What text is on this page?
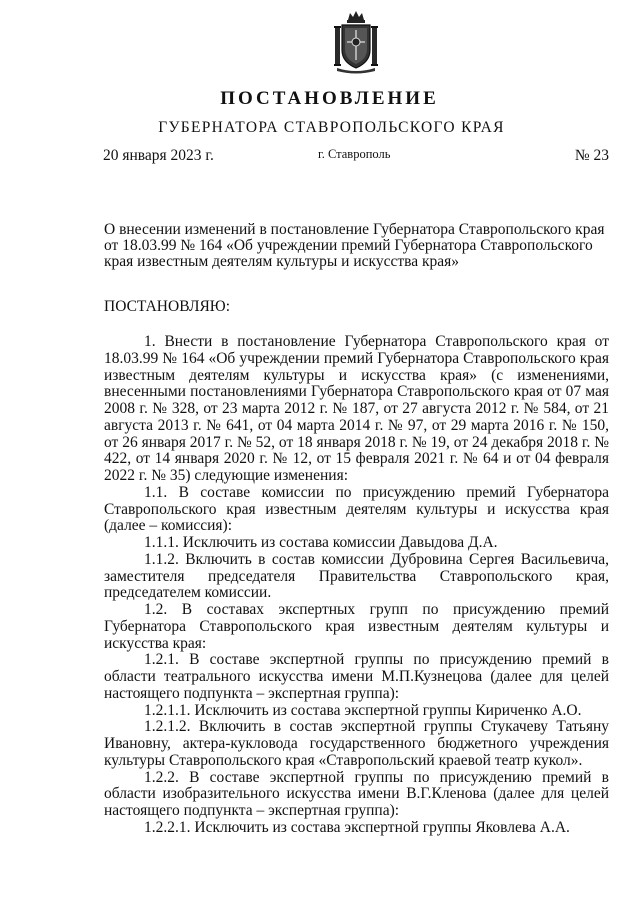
ПОСТАНОВЛЕНИЕ
ГУБЕРНАТОРА СТАВРОПОЛЬСКОГО КРАЯ
20 января 2023 г.	г. Ставрополь	№ 23
О внесении изменений в постановление Губернатора Ставропольского края от 18.03.99 № 164 «Об учреждении премий Губернатора Ставропольского края известным деятелям культуры и искусства края»
ПОСТАНОВЛЯЮ:

1. Внести в постановление Губернатора Ставропольского края от 18.03.99 № 164 «Об учреждении премий Губернатора Ставропольского края известным деятелям культуры и искусства края» (с изменениями, внесенными постановлениями Губернатора Ставропольского края от 07 мая 2008 г. № 328, от 23 марта 2012 г. № 187, от 27 августа 2012 г. № 584, от 21 августа 2013 г. № 641, от 04 марта 2014 г. № 97, от 29 марта 2016 г. № 150, от 26 января 2017 г. № 52, от 18 января 2018 г. № 19, от 24 декабря 2018 г. № 422, от 14 января 2020 г. № 12, от 15 февраля 2021 г. № 64 и от 04 февраля 2022 г. № 35) следующие изменения:

1.1. В составе комиссии по присуждению премий Губернатора Ставропольского края известным деятелям культуры и искусства края (далее – комиссия):

1.1.1. Исключить из состава комиссии Давыдова Д.А.

1.1.2. Включить в состав комиссии Дубровина Сергея Васильевича, заместителя председателя Правительства Ставропольского края, председателем комиссии.

1.2. В составах экспертных групп по присуждению премий Губернатора Ставропольского края известным деятелям культуры и искусства края:

1.2.1. В составе экспертной группы по присуждению премий в области театрального искусства имени М.П.Кузнецова (далее для целей настоящего подпункта – экспертная группа):

1.2.1.1. Исключить из состава экспертной группы Кириченко А.О.

1.2.1.2. Включить в состав экспертной группы Стукачеву Татьяну Ивановну, актера-кукловода государственного бюджетного учреждения культуры Ставропольского края «Ставропольский краевой театр кукол».

1.2.2. В составе экспертной группы по присуждению премий в области изобразительного искусства имени В.Г.Кленова (далее для целей настоящего подпункта – экспертная группа):

1.2.2.1. Исключить из состава экспертной группы Яковлева А.А.
